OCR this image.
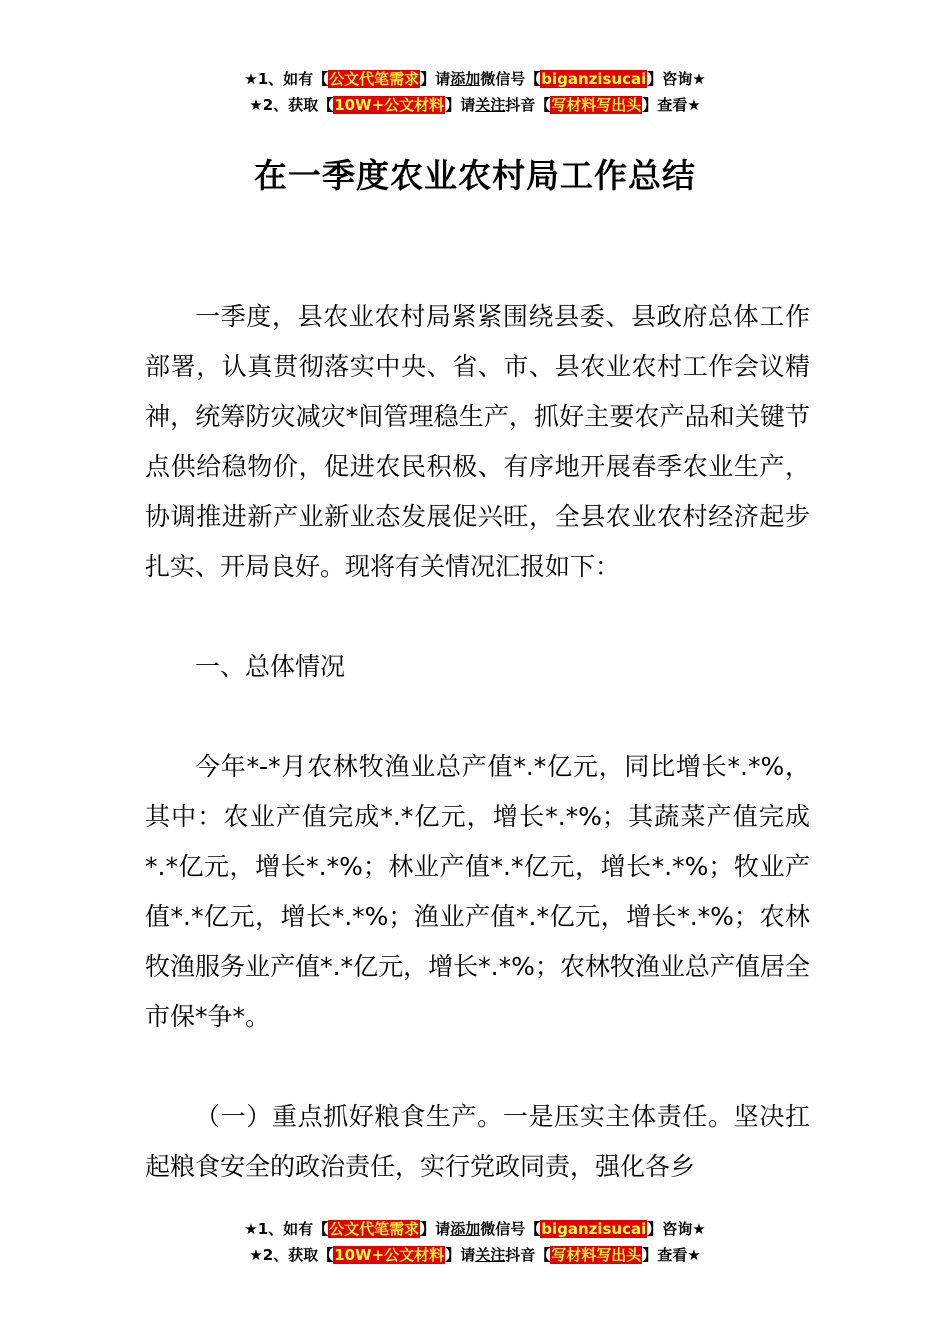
★1、如有【公文代笔需求】请添加微信号【biganzisucai】咨询★
★2、获取【10W+公文材料】请关注抖音【写材料写出头】查看★
在一季度农业农村局工作总结

一季度，县农业农村局紧紧围绕县委、县政府总体工作部署，认真贯彻落实中央、省、市、县农业农村工作会议精神，统筹防灾减灾*间管理稳生产，抓好主要农产品和关键节点供给稳物价，促进农民积极、有序地开展春季农业生产，协调推进新产业新业态发展促兴旺，全县农业农村经济起步扎实、开局良好。现将有关情况汇报如下：

一、总体情况

今年*-*月农林牧渔业总产值*.*亿元，同比增长*.*%，其中：农业产值完成*.*亿元，增长*.*%；其蔬菜产值完成*.*亿元，增长*.*%；林业产值*.*亿元，增长*.*%；牧业产值*.*亿元，增长*.*%；渔业产值*.*亿元，增长*.*%；农林牧渔服务业产值*.*亿元，增长*.*%；农林牧渔业总产值居全市保*争*。

（一）重点抓好粮食生产。一是压实主体责任。坚决扛起粮食安全的政治责任，实行党政同责，强化各乡

★1、如有【公文代笔需求】请添加微信号【biganzisucai】咨询★
★2、获取【10W+公文材料】请关注抖音【写材料写出头】查看★
